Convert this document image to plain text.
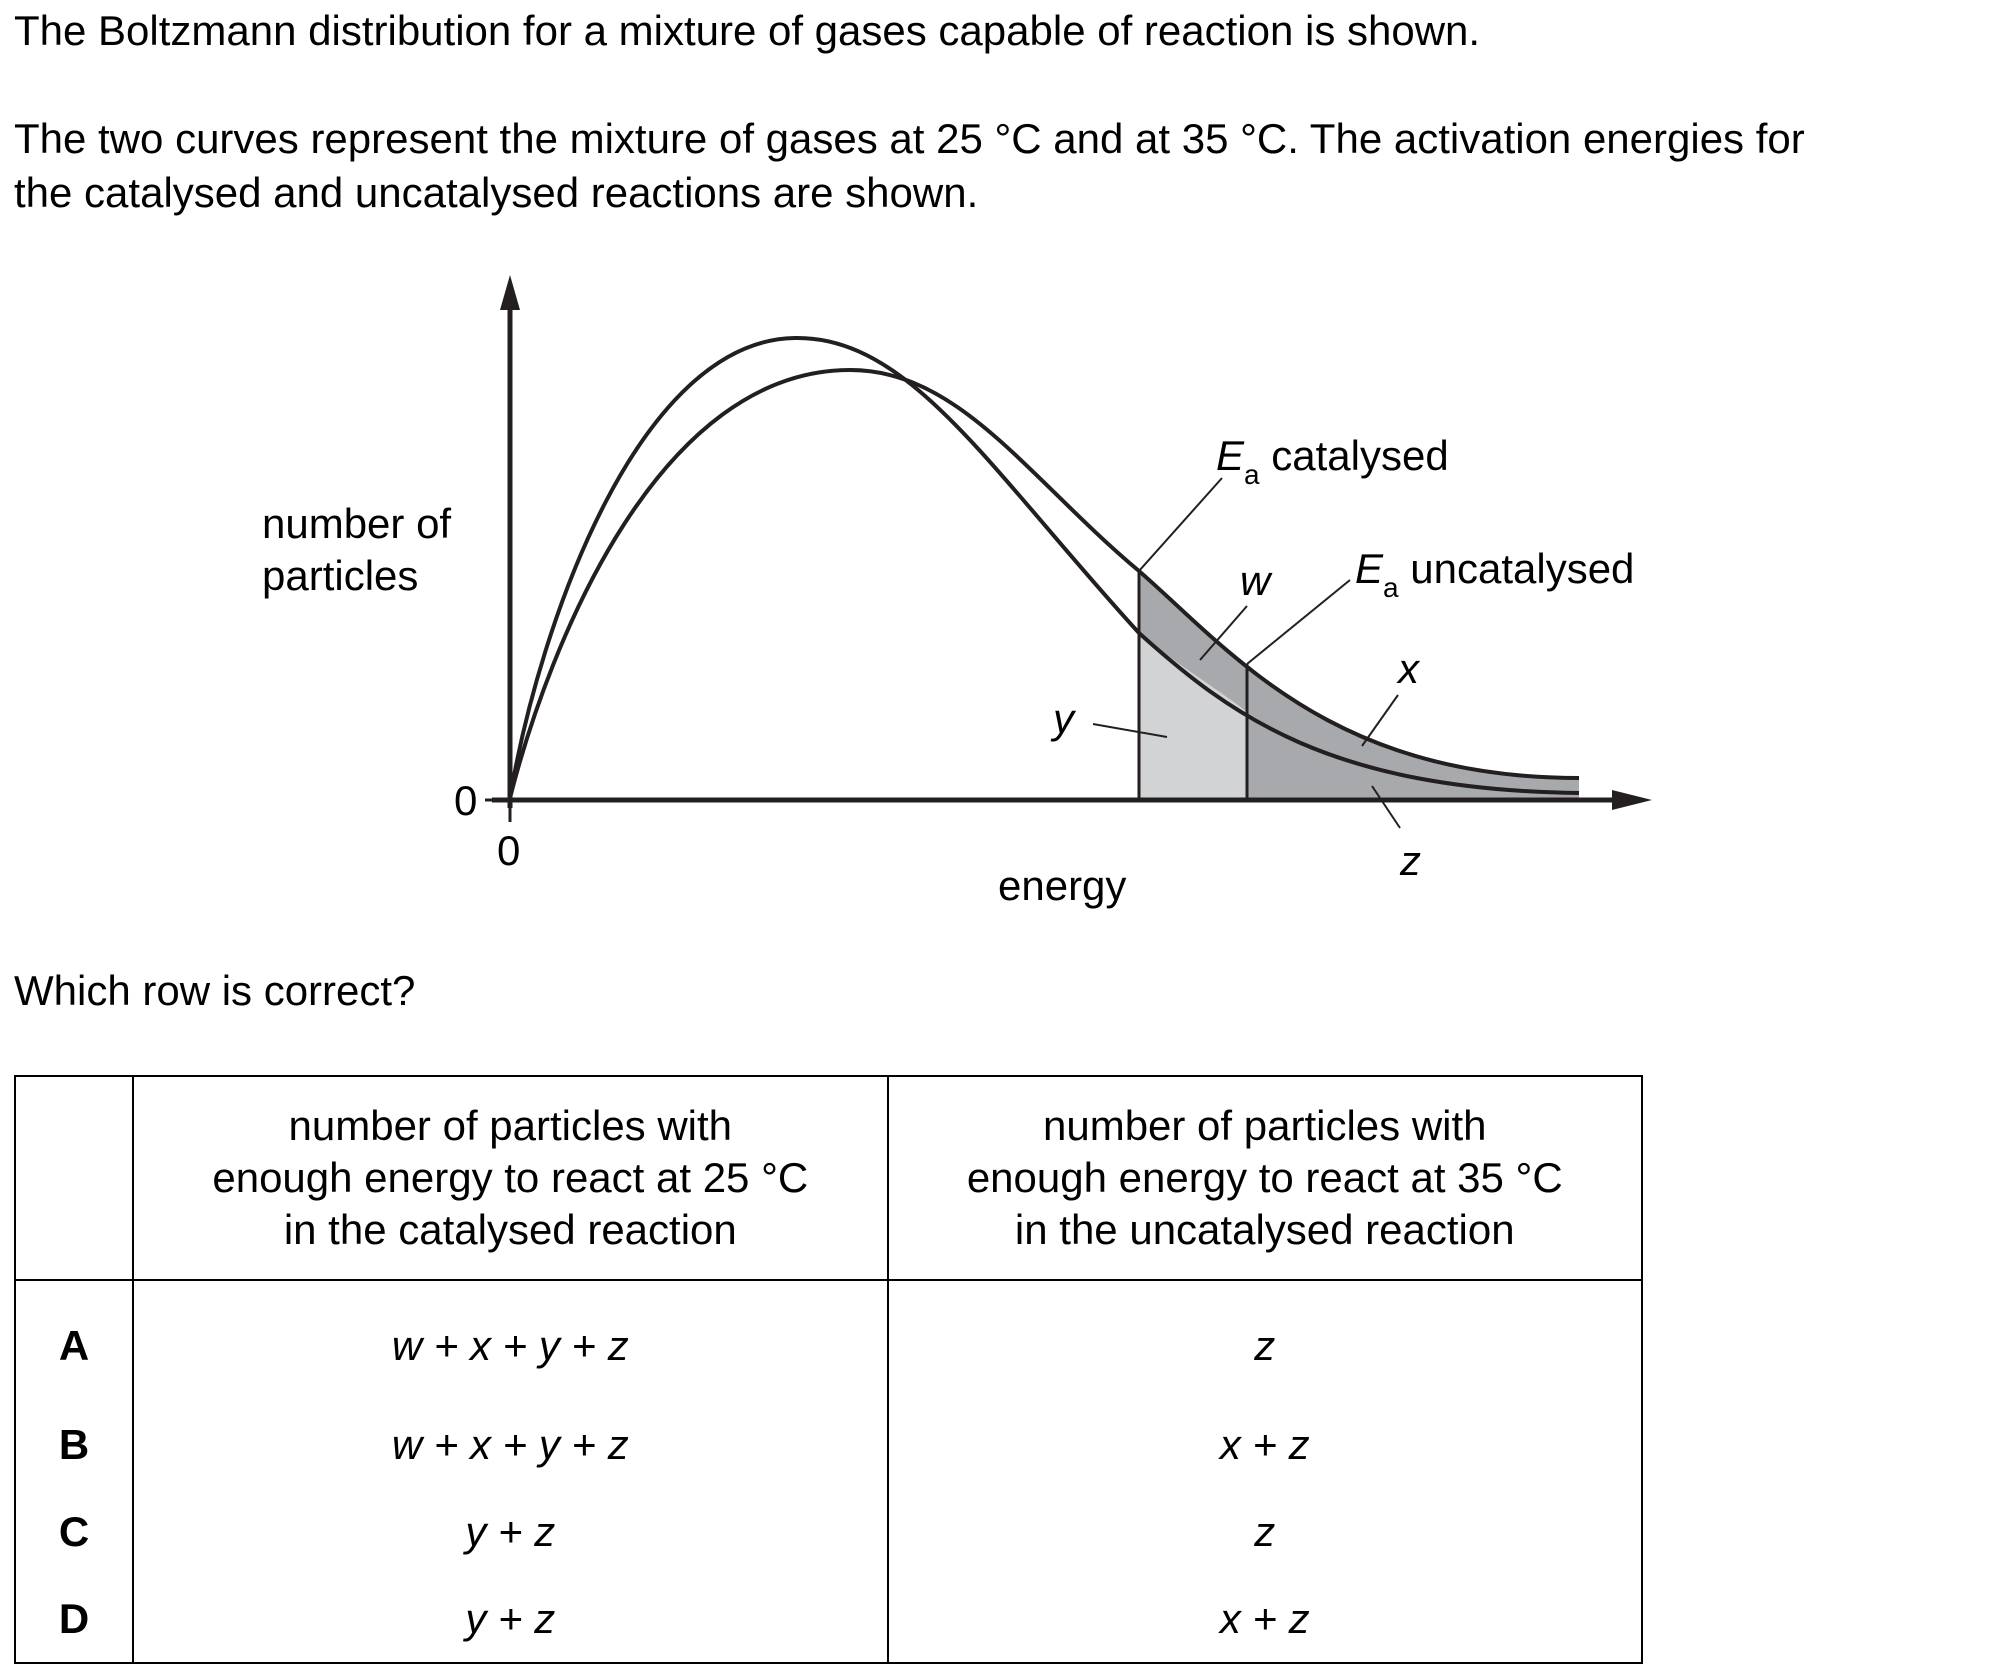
The Boltzmann distribution for a mixture of gases capable of reaction is shown.

The two curves represent the mixture of gases at 25 °C and at 35 °C. The activation energies for
the catalysed and uncatalysed reactions are shown.

number of
particles
energy
0
0
$E_a$ catalysed
$E_a$ uncatalysed
w
x
y
z

Which row is correct?

	number of particles with
enough energy to react at 25 °C
in the catalysed reaction	number of particles with
enough energy to react at 35 °C
in the uncatalysed reaction
A	w + x + y + z	z
B	w + x + y + z	x + z
C	y + z	z
D	y + z	x + z
